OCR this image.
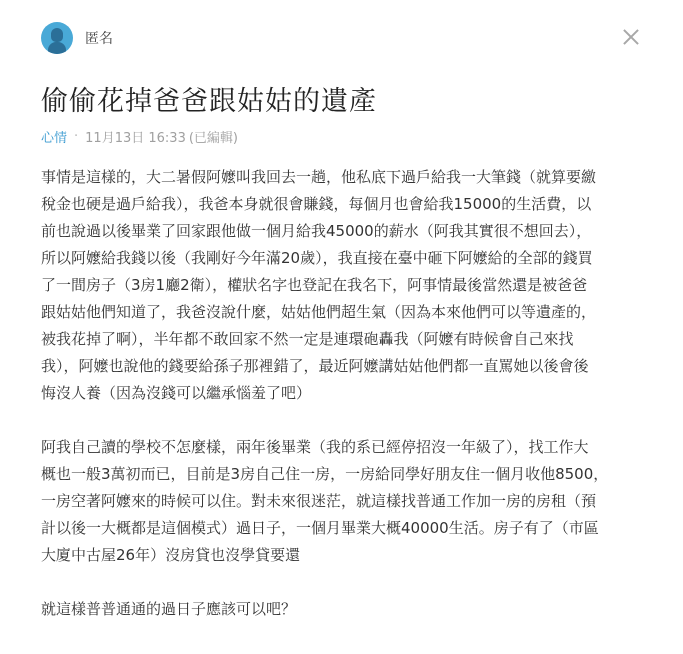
匿名
偷偷花掉爸爸跟姑姑的遺產
心情 · 11月13日 16:33 (已編輯)

事情是這樣的，大二暑假阿嬤叫我回去一趟，他私底下過戶給我一大筆錢（就算要繳
稅金也硬是過戶給我），我爸本身就很會賺錢，每個月也會給我15000的生活費，以
前也說過以後畢業了回家跟他做一個月給我45000的薪水（阿我其實很不想回去），
所以阿嬤給我錢以後（我剛好今年滿20歲），我直接在臺中砸下阿嬤給的全部的錢買
了一間房子（3房1廳2衛），權狀名字也登記在我名下，阿事情最後當然還是被爸爸
跟姑姑他們知道了，我爸沒說什麼，姑姑他們超生氣（因為本來他們可以等遺產的，
被我花掉了啊），半年都不敢回家不然一定是連環砲轟我（阿嬤有時候會自己來找
我），阿嬤也說他的錢要給孫子那裡錯了，最近阿嬤講姑姑他們都一直罵她以後會後
悔沒人養（因為沒錢可以繼承惱羞了吧）

阿我自己讀的學校不怎麼樣，兩年後畢業（我的系已經停招沒一年級了），找工作大
概也一般3萬初而已，目前是3房自己住一房，一房給同學好朋友住一個月收他8500，
一房空著阿嬤來的時候可以住。對未來很迷茫，就這樣找普通工作加一房的房租（預
計以後一大概都是這個模式）過日子，一個月畢業大概40000生活。房子有了（市區
大廈中古屋26年）沒房貸也沒學貸要還

就這樣普普通通的過日子應該可以吧？
